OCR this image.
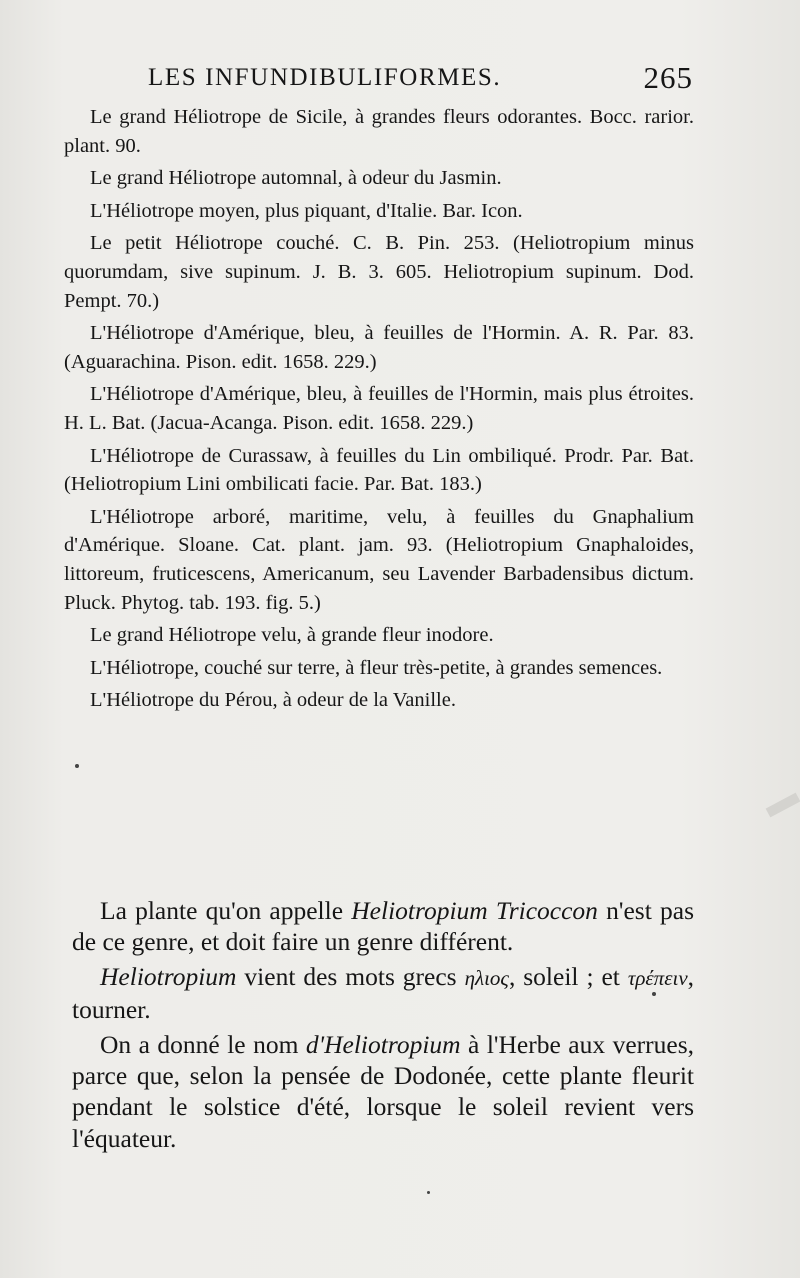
LES INFUNDIBULIFORMES.	265

Le grand Héliotrope de Sicile, à grandes fleurs odorantes. Bocc. rarior. plant. 90.

Le grand Héliotrope automnal, à odeur du Jasmin.

L'Héliotrope moyen, plus piquant, d'Italie. Bar. Icon.

Le petit Héliotrope couché. C. B. Pin. 253. (Heliotropium minus quorumdam, sive supinum. J. B. 3. 605. Heliotropium supinum. Dod. Pempt. 70.)

L'Héliotrope d'Amérique, bleu, à feuilles de l'Hormin. A. R. Par. 83. (Aguarachina. Pison. edit. 1658. 229.)

L'Héliotrope d'Amérique, bleu, à feuilles de l'Hormin, mais plus étroites. H. L. Bat. (Jacua-Acanga. Pison. edit. 1658. 229.)

L'Héliotrope de Curassaw, à feuilles du Lin ombiliqué. Prodr. Par. Bat. (Heliotropium Lini ombilicati facie. Par. Bat. 183.)

L'Héliotrope arboré, maritime, velu, à feuilles du Gnaphalium d'Amérique. Sloane. Cat. plant. jam. 93. (Heliotropium Gnaphaloides, littoreum, fruticescens, Americanum, seu Lavender Barbadensibus dictum. Pluck. Phytog. tab. 193. fig. 5.)

Le grand Héliotrope velu, à grande fleur inodore.

L'Héliotrope, couché sur terre, à fleur très-petite, à grandes semences.

L'Héliotrope du Pérou, à odeur de la Vanille.

La plante qu'on appelle Heliotropium Tricoccon n'est pas de ce genre, et doit faire un genre différent.

Heliotropium vient des mots grecs ηλιος, soleil ; et τρέπειν, tourner.

On a donné le nom d'Heliotropium à l'Herbe aux verrues, parce que, selon la pensée de Dodonée, cette plante fleurit pendant le solstice d'été, lorsque le soleil revient vers l'équateur.
